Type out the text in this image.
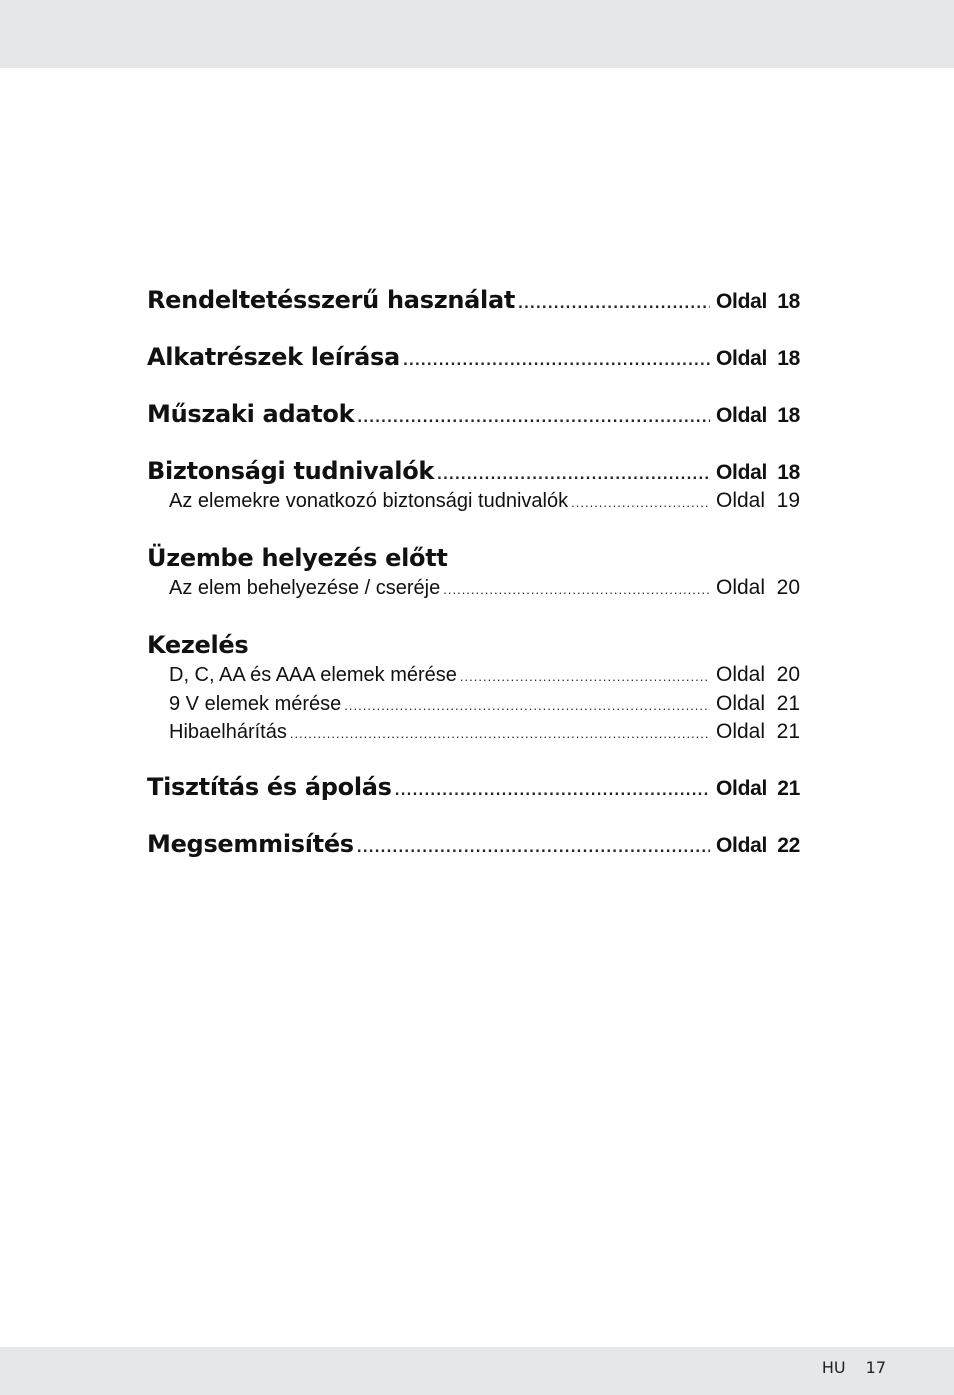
Rendeltetésszerű használat .....	Oldal 18
Alkatrészek leírása .....	Oldal 18
Műszaki adatok .....	Oldal 18
Biztonsági tudnivalók .....	Oldal 18
Az elemekre vonatkozó biztonsági tudnivalók .....	Oldal 19
Üzembe helyezés előtt
Az elem behelyezése / cseréje .....	Oldal 20
Kezelés
D, C, AA és AAA elemek mérése .....	Oldal 20
9 V elemek mérése .....	Oldal 21
Hibaelhárítás .....	Oldal 21
Tisztítás és ápolás .....	Oldal 21
Megsemmisítés .....	Oldal 22
HU 17
